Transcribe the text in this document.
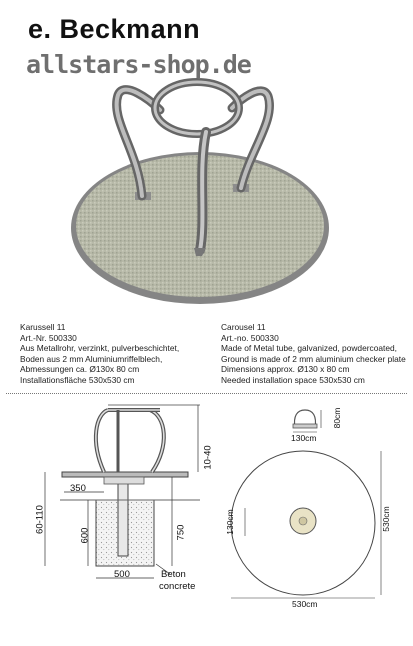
e. Beckmann
allstars-shop.de
Karussell 11
Art.-Nr. 500330
Aus Metallrohr, verzinkt, pulverbeschichtet,
Boden aus 2 mm Aluminiumriffelblech,
Abmessungen ca. Ø130x 80 cm
Installationsfläche 530x530 cm
Carousel 11
Art.-no. 500330
Made of Metal tube, galvanized, powdercoated,
Ground is made of 2 mm aluminium checker plate
Dimensions approx. Ø130 x 80 cm
Needed installation space 530x530 cm
10-40
350
60-110
600	750
500	Beton
concrete
80cm
130cm
130cm	530cm
530cm
